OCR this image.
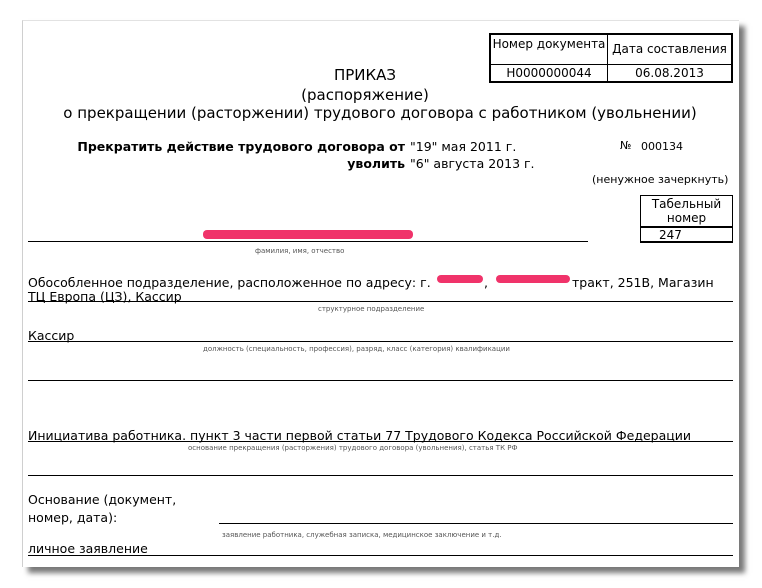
Номер документа Дата составления
Н0000000044	06.08.2013
ПРИКАЗ
(распоряжение)
о прекращении (расторжении) трудового договора с работником (увольнении)
Прекратить действие трудового договора от "19" мая 2011 г.	№ 000134
уволить "6" августа 2013 г.
(ненужное зачеркнуть)
Табельный
номер
247
фамилия, имя, отчество
Обособленное подразделение, расположенное по адресу: г.	,	тракт, 251В, Магазин
ТЦ Европа (ЦЗ), Кассир
структурное подразделение
Кассир
должность (специальность, профессия), разряд, класс (категория) квалификации
Инициатива работника. пункт 3 части первой статьи 77 Трудового Кодекса Российской Федерации
основание прекращения (расторжения) трудового договора (увольнения), статья ТК РФ
Основание (документ,
номер, дата):
заявление работника, служебная записка, медицинское заключение и т.д.
личное заявление
